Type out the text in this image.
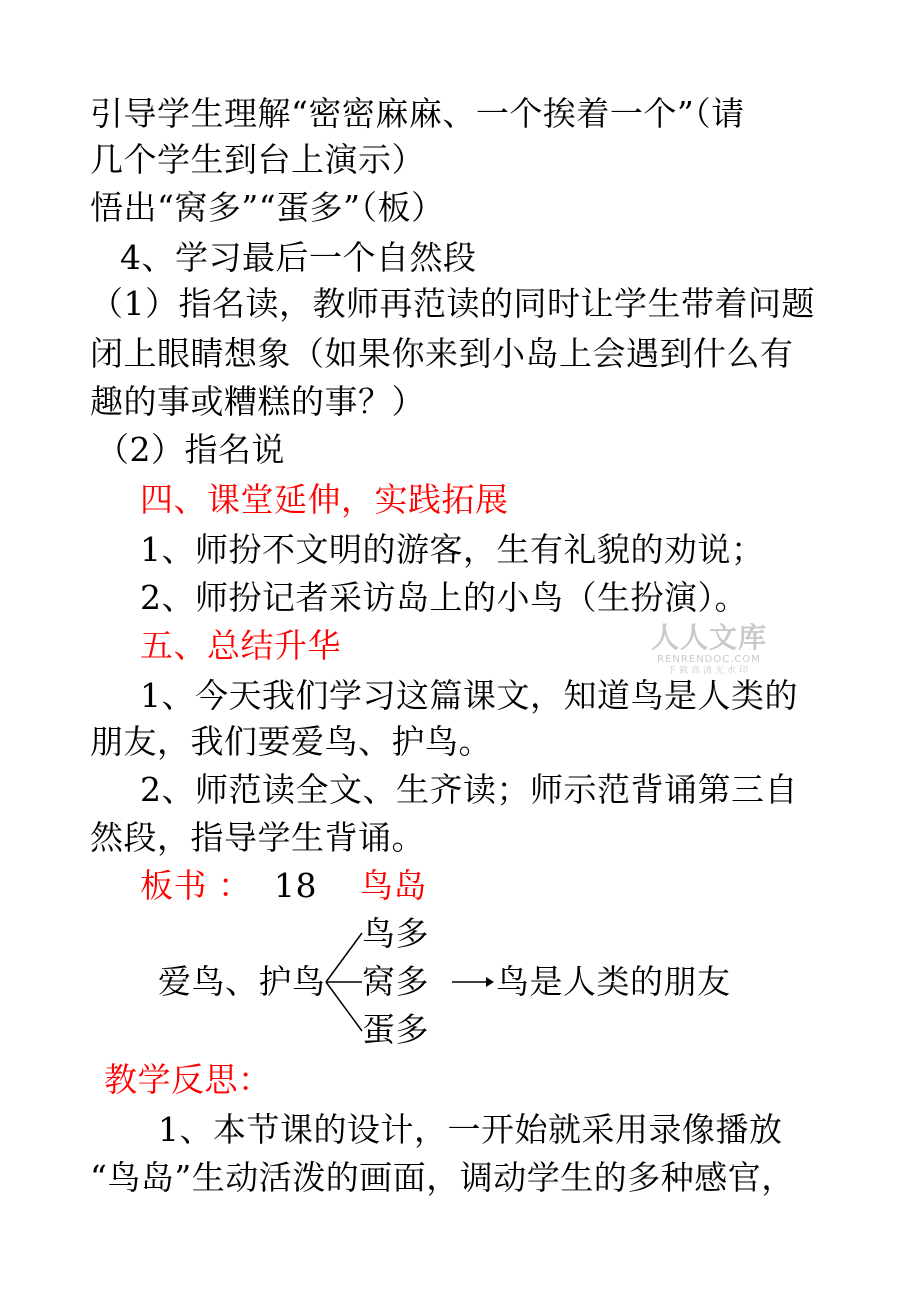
引导学生理解“密密麻麻、一个挨着一个”（请
几个学生到台上演示）
悟出“窝多”“蛋多”（板）
4、学习最后一个自然段
（1）指名读，教师再范读的同时让学生带着问题
闭上眼睛想象（如果你来到小岛上会遇到什么有
趣的事或糟糕的事？）
（2）指名说
四、课堂延伸，实践拓展
1、师扮不文明的游客，生有礼貌的劝说；
2、师扮记者采访岛上的小鸟（生扮演）。
五、总结升华
1、今天我们学习这篇课文，知道鸟是人类的
朋友，我们要爱鸟、护鸟。
2、师范读全文、生齐读；师示范背诵第三自
然段，指导学生背诵。
板书 ： 18 鸟岛
爱鸟、护鸟
鸟多
窝多
蛋多
鸟是人类的朋友
教学反思：
1、本节课的设计，一开始就采用录像播放
“鸟岛”生动活泼的画面，调动学生的多种感官，
人人文库
RENRENDOC.COM
下载高清无水印
